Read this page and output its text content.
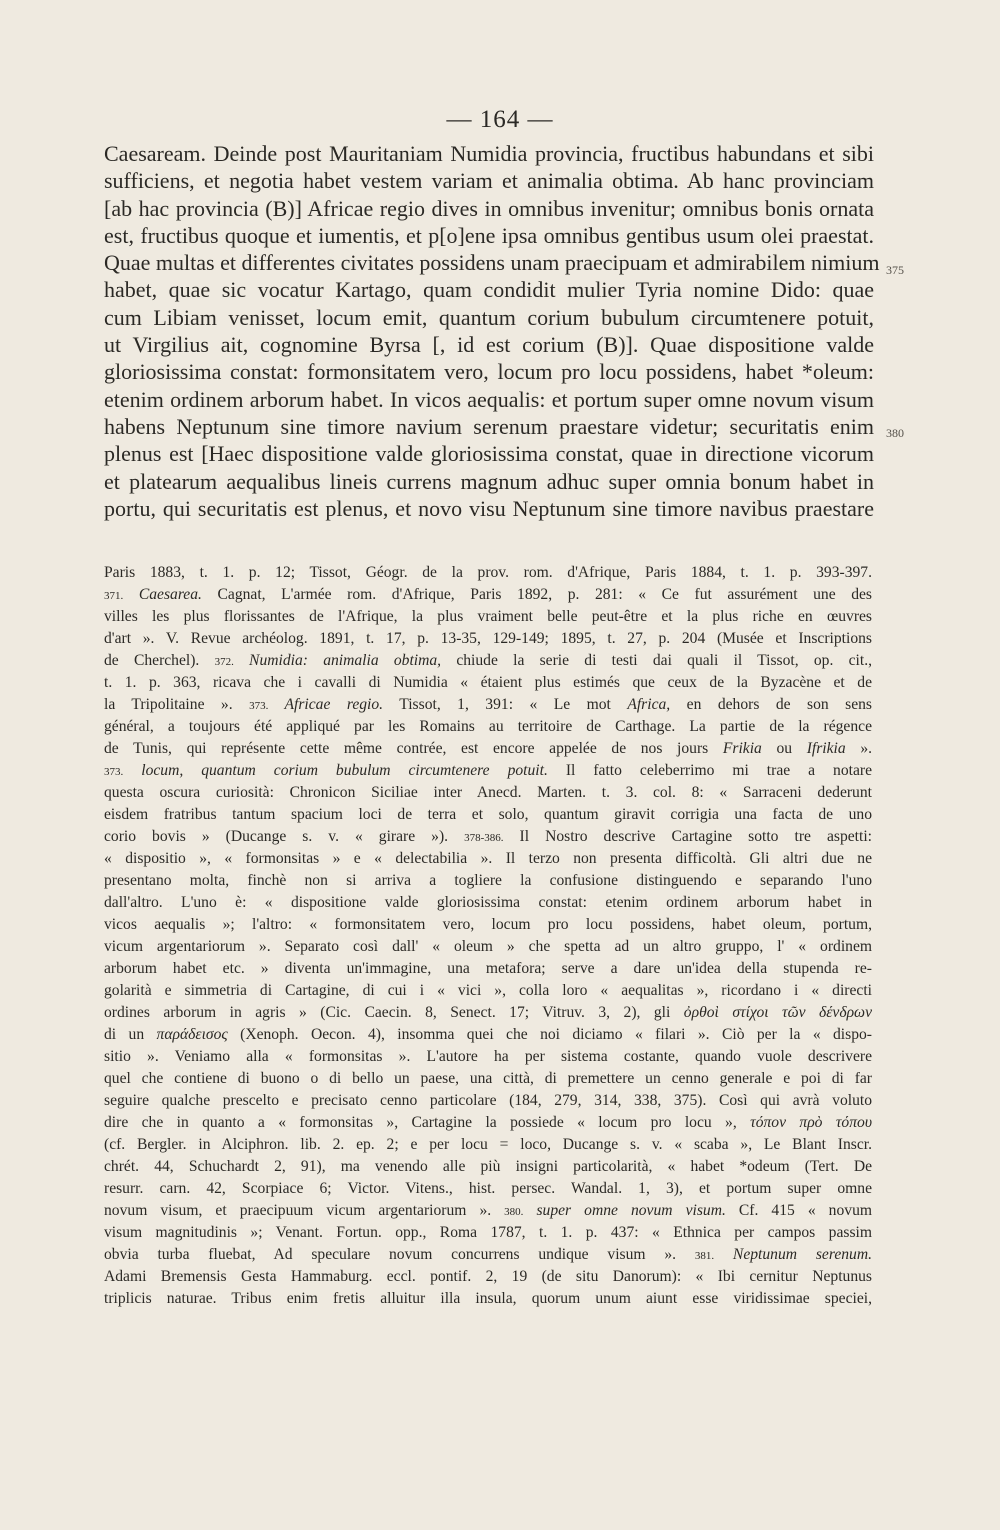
— 164 —
Caesaream. Deinde post Mauritaniam Numidia provincia, fructibus habundans et sibi
sufficiens, et negotia habet vestem variam et animalia obtima. Ab hanc provinciam
[ab hac provincia (B)] Africae regio dives in omnibus invenitur; omnibus bonis ornata
est, fructibus quoque et iumentis, et p[o]ene ipsa omnibus gentibus usum olei praestat.
Quae multas et differentes civitates possidens unam praecipuam et admirabilem nimium
habet, quae sic vocatur Kartago, quam condidit mulier Tyria nomine Dido: quae
cum Libiam venisset, locum emit, quantum corium bubulum circumtenere potuit,
ut Virgilius ait, cognomine Byrsa [, id est corium (B)]. Quae dispositione valde
gloriosissima constat: formonsitatem vero, locum pro locu possidens, habet *oleum:
etenim ordinem arborum habet. In vicos aequalis: et portum super omne novum visum
habens Neptunum sine timore navium serenum praestare videtur; securitatis enim
plenus est [Haec dispositione valde gloriosissima constat, quae in directione vicorum
et platearum aequalibus lineis currens magnum adhuc super omnia bonum habet in
portu, qui securitatis est plenus, et novo visu Neptunum sine timore navibus praestare
375
380
Paris 1883, t. 1. p. 12; Tissot, Géogr. de la prov. rom. d'Afrique, Paris 1884, t. 1. p. 393-397.
371. Caesarea. Cagnat, L'armée rom. d'Afrique, Paris 1892, p. 281: « Ce fut assurément une des
villes les plus florissantes de l'Afrique, la plus vraiment belle peut-être et la plus riche en œuvres
d'art ». V. Revue archéolog. 1891, t. 17, p. 13-35, 129-149; 1895, t. 27, p. 204 (Musée et Inscriptions
de Cherchel). 372. Numidia: animalia obtima, chiude la serie di testi dai quali il Tissot, op. cit.,
t. 1. p. 363, ricava che i cavalli di Numidia « étaient plus estimés que ceux de la Byzacène et de
la Tripolitaine ». 373. Africae regio. Tissot, 1, 391: « Le mot Africa, en dehors de son sens
général, a toujours été appliqué par les Romains au territoire de Carthage. La partie de la régence
de Tunis, qui représente cette même contrée, est encore appelée de nos jours Frikia ou Ifrikia ».
373. locum, quantum corium bubulum circumtenere potuit. Il fatto celeberrimo mi trae a notare
questa oscura curiosità: Chronicon Siciliae inter Anecd. Marten. t. 3. col. 8: « Sarraceni dederunt
eisdem fratribus tantum spacium loci de terra et solo, quantum giravit corrigia una facta de uno
corio bovis » (Ducange s. v. « girare »). 378-386. Il Nostro descrive Cartagine sotto tre aspetti:
« dispositio », « formonsitas » e « delectabilia ». Il terzo non presenta difficoltà. Gli altri due ne
presentano molta, finchè non si arriva a togliere la confusione distinguendo e separando l'uno
dall'altro. L'uno è: « dispositione valde gloriosissima constat: etenim ordinem arborum habet in
vicos aequalis »; l'altro: « formonsitatem vero, locum pro locu possidens, habet oleum, portum,
vicum argentariorum ». Separato così dall' « oleum » che spetta ad un altro gruppo, l' « ordinem
arborum habet etc. » diventa un'immagine, una metafora; serve a dare un'idea della stupenda re-
golarità e simmetria di Cartagine, di cui i « vici », colla loro « aequalitas », ricordano i « directi
ordines arborum in agris » (Cic. Caecin. 8, Senect. 17; Vitruv. 3, 2), gli ὀρθοὶ στίχοι τῶν δένδρων
di un παράδεισος (Xenoph. Oecon. 4), insomma quei che noi diciamo « filari ». Ciò per la « dispo-
sitio ». Veniamo alla « formonsitas ». L'autore ha per sistema costante, quando vuole descrivere
quel che contiene di buono o di bello un paese, una città, di premettere un cenno generale e poi di far
seguire qualche prescelto e precisato cenno particolare (184, 279, 314, 338, 375). Così qui avrà voluto
dire che in quanto a « formonsitas », Cartagine la possiede « locum pro locu », τόπον πρὸ τόπου
(cf. Bergler. in Alciphron. lib. 2. ep. 2; e per locu = loco, Ducange s. v. « scaba », Le Blant Inscr.
chrét. 44, Schuchardt 2, 91), ma venendo alle più insigni particolarità, « habet *odeum (Tert. De
resurr. carn. 42, Scorpiace 6; Victor. Vitens., hist. persec. Wandal. 1, 3), et portum super omne
novum visum, et praecipuum vicum argentariorum ». 380. super omne novum visum. Cf. 415 « novum
visum magnitudinis »; Venant. Fortun. opp., Roma 1787, t. 1. p. 437: « Ethnica per campos passim
obvia turba fluebat, Ad speculare novum concurrens undique visum ». 381. Neptunum serenum.
Adami Bremensis Gesta Hammaburg. eccl. pontif. 2, 19 (de situ Danorum): « Ibi cernitur Neptunus
triplicis naturae. Tribus enim fretis alluitur illa insula, quorum unum aiunt esse viridissimae speciei,
